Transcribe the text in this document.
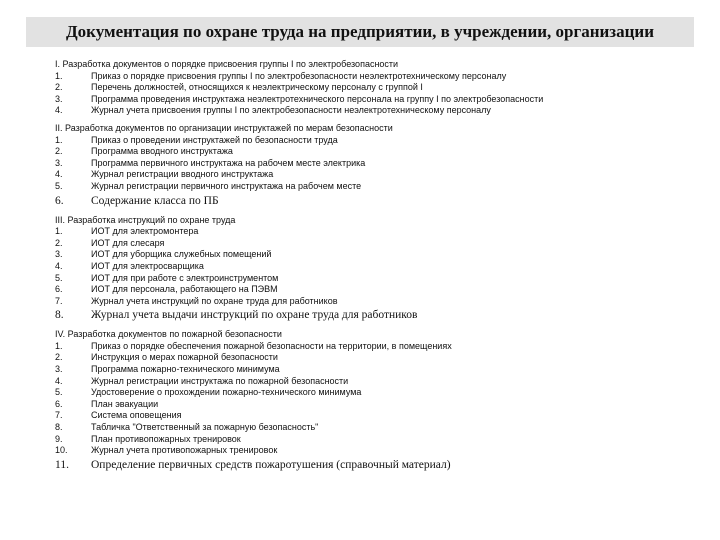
Документация по охране труда на предприятии, в учреждении, организации
I. Разработка документов о порядке присвоения группы I по электробезопасности
1.	Приказ о порядке присвоения группы I по электробезопасности неэлектротехническому персоналу
2.	Перечень должностей, относящихся к неэлектрическому персоналу с группой I
3.	Программа проведения инструктажа неэлектротехнического персонала на группу I по электробезопасности
4.	Журнал учета присвоения группы I по электробезопасности неэлектротехническому персоналу
II. Разработка документов по организации инструктажей по мерам безопасности
1.	Приказ о проведении инструктажей по безопасности труда
2.	Программа вводного инструктажа
3.	Программа первичного инструктажа на рабочем месте электрика
4.	Журнал регистрации вводного инструктажа
5.	Журнал регистрации первичного инструктажа на рабочем месте
6.	Содержание класса по ПБ
III. Разработка инструкций по охране труда
1.	ИОТ для электромонтера
2.	ИОТ для слесаря
3.	ИОТ для уборщика служебных помещений
4.	ИОТ для электросварщика
5.	ИОТ для при работе с электроинструментом
6.	ИОТ для персонала, работающего на ПЭВМ
7.	Журнал учета инструкций по охране труда для работников
8.	Журнал учета выдачи инструкций по охране труда для работников
IV. Разработка документов по пожарной безопасности
1.	Приказ о порядке обеспечения пожарной безопасности на территории, в помещениях
2.	Инструкция о мерах пожарной безопасности
3.	Программа пожарно-технического минимума
4.	Журнал регистрации инструктажа по пожарной безопасности
5.	Удостоверение о прохождении пожарно-технического минимума
6.	План эвакуации
7.	Система оповещения
8.	Табличка "Ответственный за пожарную безопасность"
9.	План противопожарных тренировок
10.	Журнал учета противопожарных тренировок
11.	Определение первичных средств пожаротушения (справочный материал)
